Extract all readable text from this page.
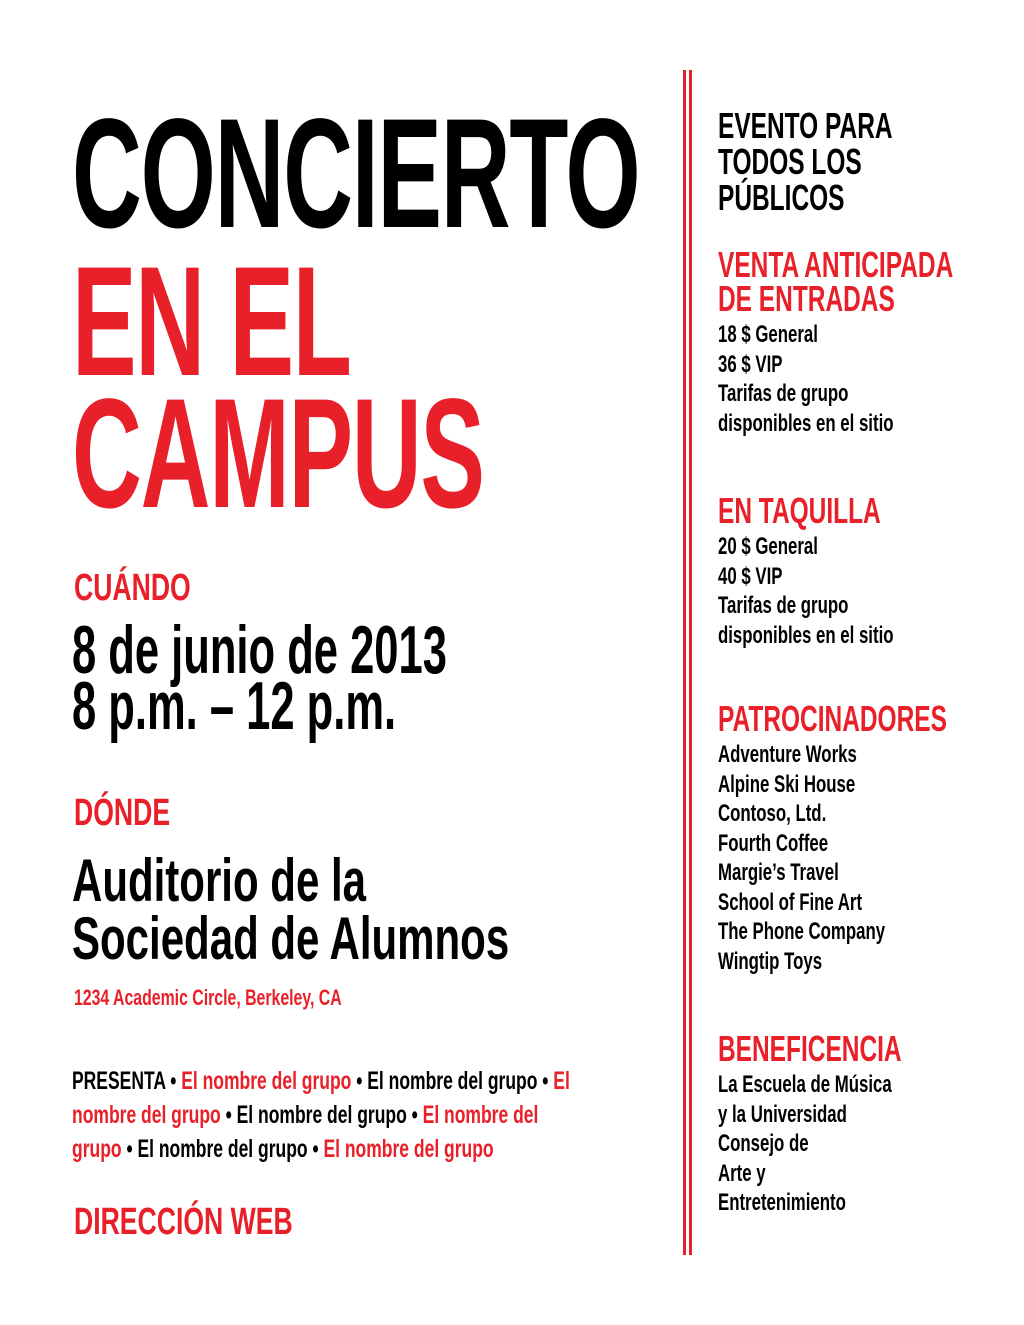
CONCIERTO
EN EL
CAMPUS
CUÁNDO
8 de junio de 2013
8 p.m. – 12 p.m.
DÓNDE
Auditorio de la
Sociedad de Alumnos
1234 Academic Circle, Berkeley, CA
PRESENTA • El nombre del grupo • El nombre del grupo • El
nombre del grupo • El nombre del grupo • El nombre del
grupo • El nombre del grupo • El nombre del grupo
DIRECCIÓN WEB
EVENTO PARA
TODOS LOS
PÚBLICOS
VENTA ANTICIPADA
DE ENTRADAS
18 $ General
36 $ VIP
Tarifas de grupo
disponibles en el sitio
EN TAQUILLA
20 $ General
40 $ VIP
Tarifas de grupo
disponibles en el sitio
PATROCINADORES
Adventure Works
Alpine Ski House
Contoso, Ltd.
Fourth Coffee
Margie’s Travel
School of Fine Art
The Phone Company
Wingtip Toys
BENEFICENCIA
La Escuela de Música
y la Universidad
Consejo de
Arte y
Entretenimiento
